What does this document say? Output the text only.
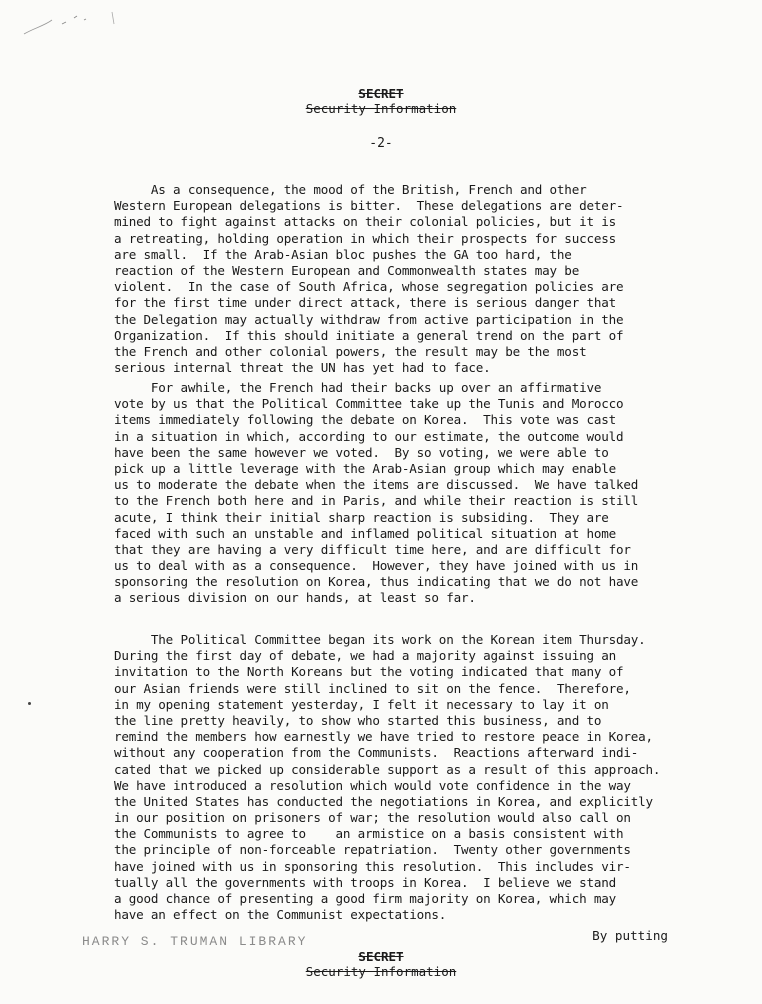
SECRET
Security Information
-2-
As a consequence, the mood of the British, French and other
Western European delegations is bitter.  These delegations are deter-
mined to fight against attacks on their colonial policies, but it is
a retreating, holding operation in which their prospects for success
are small.  If the Arab-Asian bloc pushes the GA too hard, the
reaction of the Western European and Commonwealth states may be
violent.  In the case of South Africa, whose segregation policies are
for the first time under direct attack, there is serious danger that
the Delegation may actually withdraw from active participation in the
Organization.  If this should initiate a general trend on the part of
the French and other colonial powers, the result may be the most
serious internal threat the UN has yet had to face.
For awhile, the French had their backs up over an affirmative
vote by us that the Political Committee take up the Tunis and Morocco
items immediately following the debate on Korea.  This vote was cast
in a situation in which, according to our estimate, the outcome would
have been the same however we voted.  By so voting, we were able to
pick up a little leverage with the Arab-Asian group which may enable
us to moderate the debate when the items are discussed.  We have talked
to the French both here and in Paris, and while their reaction is still
acute, I think their initial sharp reaction is subsiding.  They are
faced with such an unstable and inflamed political situation at home
that they are having a very difficult time here, and are difficult for
us to deal with as a consequence.  However, they have joined with us in
sponsoring the resolution on Korea, thus indicating that we do not have
a serious division on our hands, at least so far.
The Political Committee began its work on the Korean item Thursday.
During the first day of debate, we had a majority against issuing an
invitation to the North Koreans but the voting indicated that many of
our Asian friends were still inclined to sit on the fence.  Therefore,
in my opening statement yesterday, I felt it necessary to lay it on
the line pretty heavily, to show who started this business, and to
remind the members how earnestly we have tried to restore peace in Korea,
without any cooperation from the Communists.  Reactions afterward indi-
cated that we picked up considerable support as a result of this approach.
We have introduced a resolution which would vote confidence in the way
the United States has conducted the negotiations in Korea, and explicitly
in our position on prisoners of war; the resolution would also call on
the Communists to agree to    an armistice on a basis consistent with
the principle of non-forceable repatriation.  Twenty other governments
have joined with us in sponsoring this resolution.  This includes vir-
tually all the governments with troops in Korea.  I believe we stand
a good chance of presenting a good firm majority on Korea, which may
have an effect on the Communist expectations.
By putting
HARRY S. TRUMAN LIBRARY
SECRET
Security Information
